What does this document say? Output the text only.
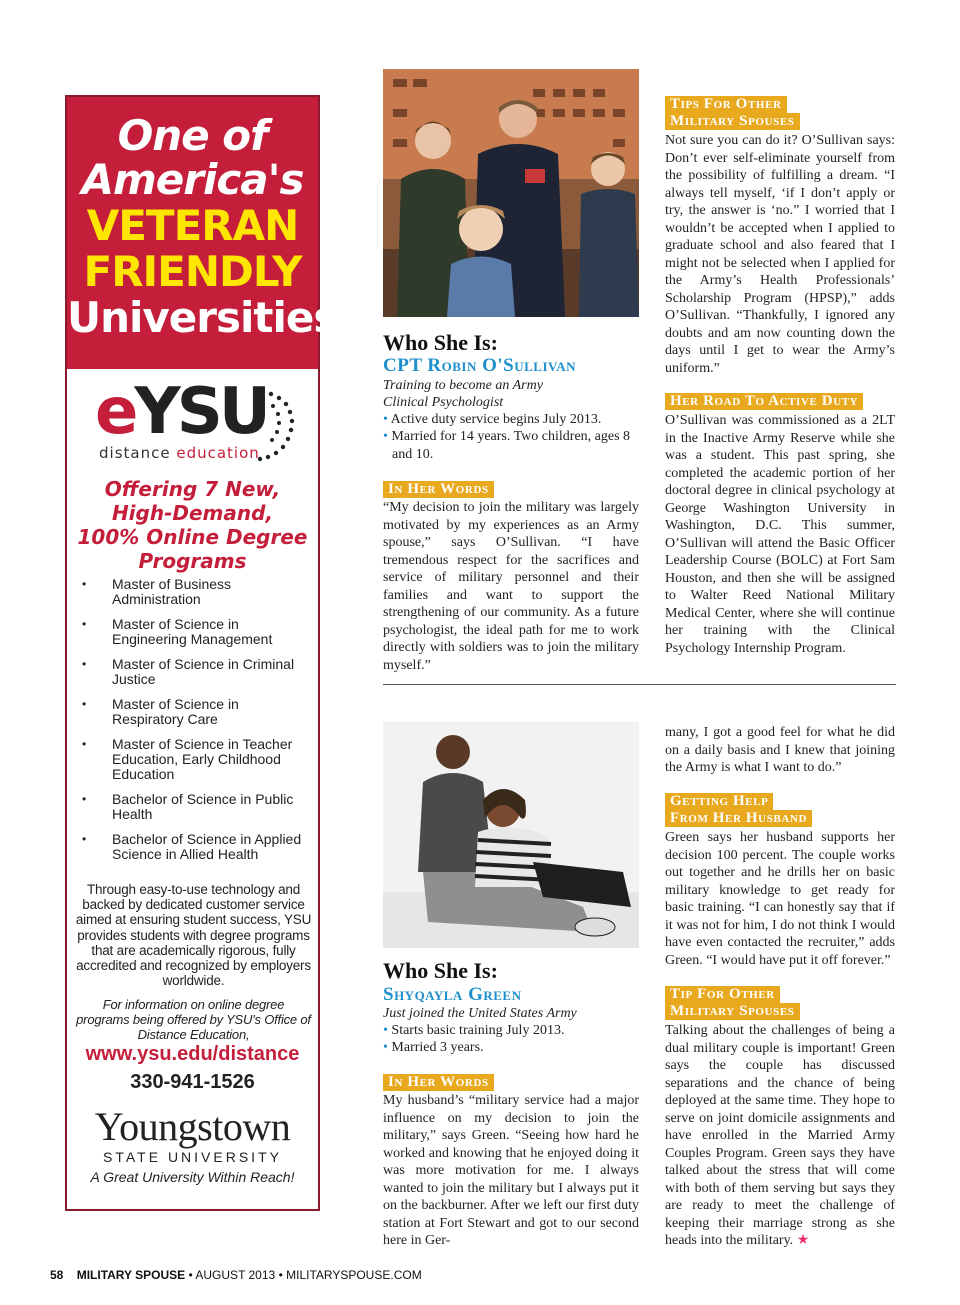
One of
America's
VETERAN
FRIENDLY
Universities
eYSU
distance education
Offering 7 New,
High-Demand,
100% Online Degree
Programs
• Master of Business Administration
• Master of Science in Engineering Management
• Master of Science in Criminal Justice
• Master of Science in Respiratory Care
• Master of Science in Teacher Education, Early Childhood Education
• Bachelor of Science in Public Health
• Bachelor of Science in Applied Science in Allied Health
Through easy-to-use technology and backed by dedicated customer service aimed at ensuring student success, YSU provides students with degree programs that are academically rigorous, fully accredited and recognized by employers worldwide.
For information on online degree programs being offered by YSU's Office of Distance Education,
www.ysu.edu/distance
330-941-1526
Youngstown
STATE UNIVERSITY
A Great University Within Reach!
Who She Is:
CPT Robin O'Sullivan
Training to become an Army Clinical Psychologist
• Active duty service begins July 2013.
• Married for 14 years. Two children, ages 8 and 10.
In Her Words
“My decision to join the military was largely motivated by my experiences as an Army spouse,” says O’Sullivan. “I have tremendous respect for the sacrifices and service of military personnel and their families and want to support the strengthening of our community. As a future psychologist, the ideal path for me to work directly with soldiers was to join the military myself.”
Tips For Other
Military Spouses
Not sure you can do it? O’Sullivan says: Don’t ever self-eliminate yourself from the possibility of fulfilling a dream. “I always tell myself, ‘if I don’t apply or try, the answer is ‘no.” I worried that I wouldn’t be accepted when I applied to graduate school and also feared that I might not be selected when I applied for the Army’s Health Professionals’ Scholarship Program (HPSP),” adds O’Sullivan. “Thankfully, I ignored any doubts and am now counting down the days until I get to wear the Army’s uniform.”
Her Road To Active Duty
O’Sullivan was commissioned as a 2LT in the Inactive Army Reserve while she was a student. This past spring, she completed the academic portion of her doctoral degree in clinical psychology at George Washington University in Washington, D.C. This summer, O’Sullivan will attend the Basic Officer Leadership Course (BOLC) at Fort Sam Houston, and then she will be assigned to Walter Reed National Military Medical Center, where she will continue her training with the Clinical Psychology Internship Program.
Who She Is:
Shyqayla Green
Just joined the United States Army
• Starts basic training July 2013.
• Married 3 years.
In Her Words
My husband’s “military service had a major influence on my decision to join the military,” says Green. “Seeing how hard he worked and knowing that he enjoyed doing it was more motivation for me. I always wanted to join the military but I always put it on the backburner. After we left our first duty station at Fort Stewart and got to our second here in Ger-
many, I got a good feel for what he did on a daily basis and I knew that joining the Army is what I want to do.”
Getting Help
From Her Husband
Green says her husband supports her decision 100 percent. The couple works out together and he drills her on basic military knowledge to get ready for basic training. “I can honestly say that if it was not for him, I do not think I would have even contacted the recruiter,” adds Green. “I would have put it off forever.”
Tip For Other
Military Spouses
Talking about the challenges of being a dual military couple is important! Green says the couple has discussed separations and the chance of being deployed at the same time. They hope to serve on joint domicile assignments and have enrolled in the Married Army Couples Program. Green says they have talked about the stress that will come with both of them serving but says they are ready to meet the challenge of keeping their marriage strong as she heads into the military. ★
58 MILITARY SPOUSE • AUGUST 2013 • MILITARYSPOUSE.COM
